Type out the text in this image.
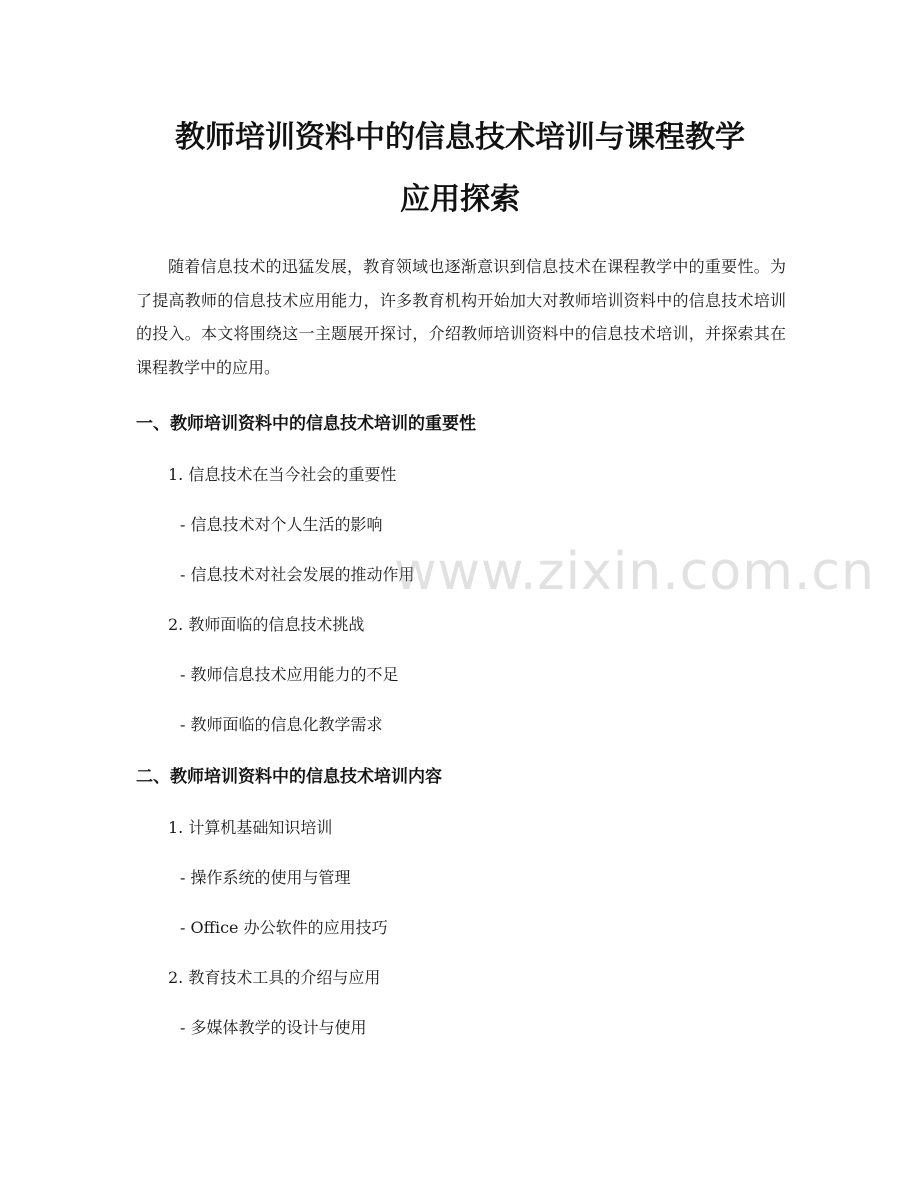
教师培训资料中的信息技术培训与课程教学
应用探索

随着信息技术的迅猛发展，教育领域也逐渐意识到信息技术在课程教学中的重要性。为了提高教师的信息技术应用能力，许多教育机构开始加大对教师培训资料中的信息技术培训的投入。本文将围绕这一主题展开探讨，介绍教师培训资料中的信息技术培训，并探索其在课程教学中的应用。

一、教师培训资料中的信息技术培训的重要性

1. 信息技术在当今社会的重要性

- 信息技术对个人生活的影响

- 信息技术对社会发展的推动作用

2. 教师面临的信息技术挑战

- 教师信息技术应用能力的不足

- 教师面临的信息化教学需求

二、教师培训资料中的信息技术培训内容

1. 计算机基础知识培训

- 操作系统的使用与管理

- Office 办公软件的应用技巧

2. 教育技术工具的介绍与应用

- 多媒体教学的设计与使用

www.zixin.com.cn
